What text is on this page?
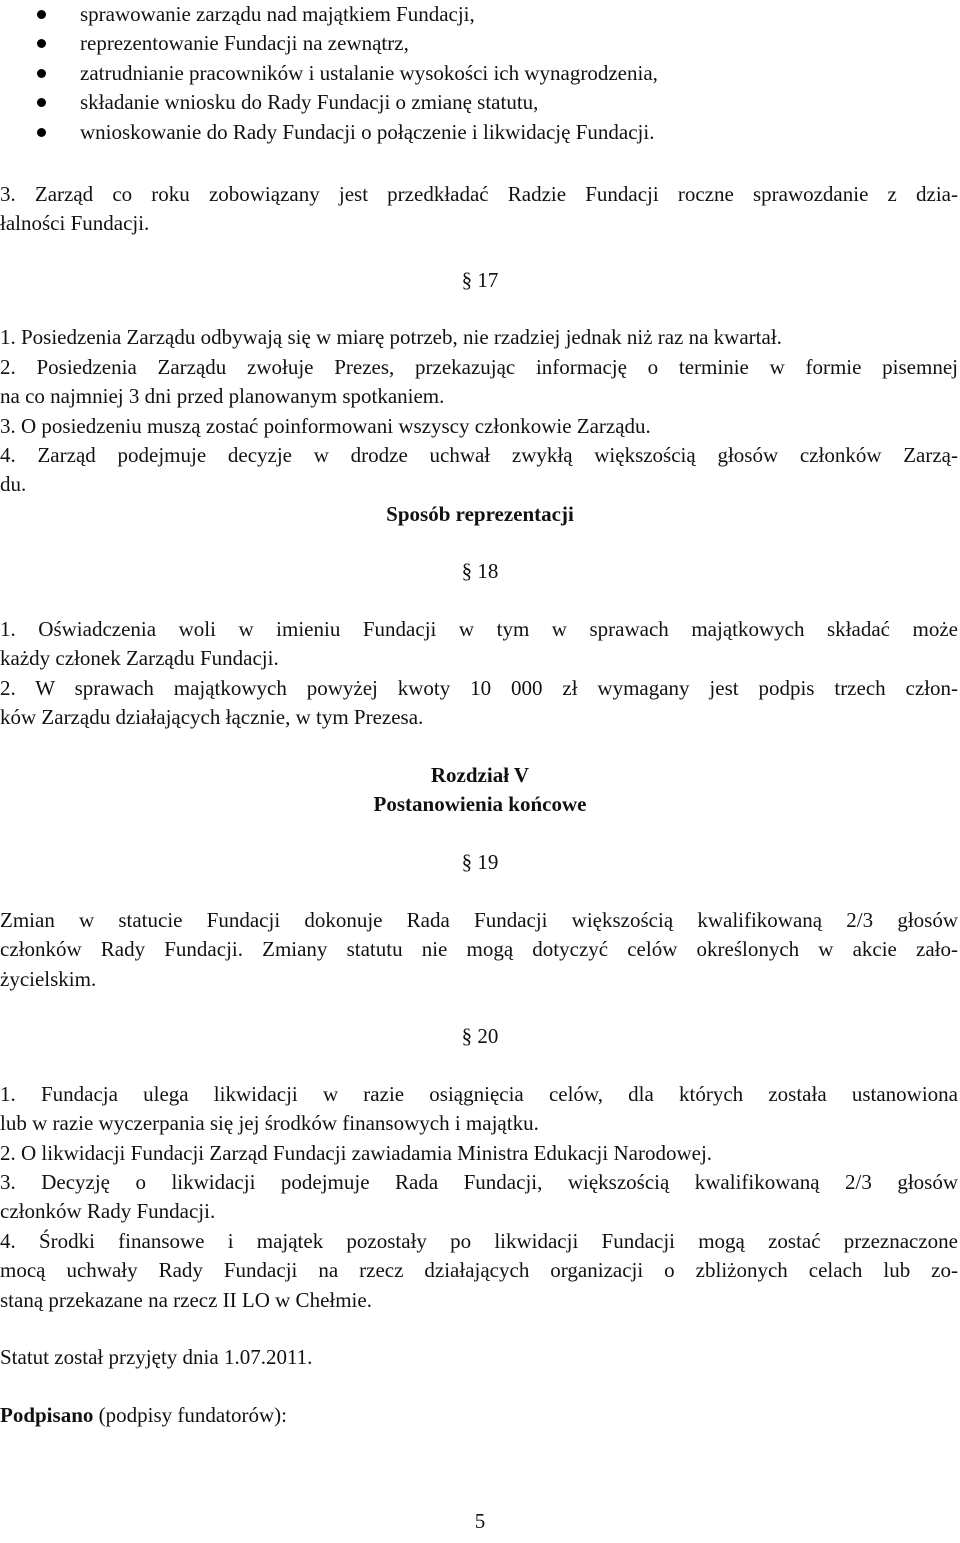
sprawowanie zarządu nad majątkiem Fundacji,
reprezentowanie Fundacji na zewnątrz,
zatrudnianie pracowników i ustalanie wysokości ich wynagrodzenia,
składanie wniosku do Rady Fundacji o zmianę statutu,
wnioskowanie do Rady Fundacji o połączenie i likwidację Fundacji.
3. Zarząd co roku zobowiązany jest przedkładać Radzie Fundacji roczne sprawozdanie z dzia-
łalności Fundacji.
§ 17
1. Posiedzenia Zarządu odbywają się w miarę potrzeb, nie rzadziej jednak niż raz na kwartał.
2. Posiedzenia Zarządu zwołuje Prezes, przekazując informację o terminie w formie pisemnej
na co najmniej 3 dni przed planowanym spotkaniem.
3. O posiedzeniu muszą zostać poinformowani wszyscy członkowie Zarządu.
4. Zarząd podejmuje decyzje w drodze uchwał zwykłą większością głosów członków Zarzą-
du.
Sposób reprezentacji
§ 18
1. Oświadczenia woli w imieniu Fundacji w tym w sprawach majątkowych składać może
każdy członek Zarządu Fundacji.
2. W sprawach majątkowych powyżej kwoty 10 000 zł wymagany jest podpis trzech człon-
ków Zarządu działających łącznie, w tym Prezesa.
Rozdział V
Postanowienia końcowe
§ 19
Zmian w statucie Fundacji dokonuje Rada Fundacji większością kwalifikowaną 2/3 głosów
członków Rady Fundacji. Zmiany statutu nie mogą dotyczyć celów określonych w akcie zało-
życielskim.
§ 20
1. Fundacja ulega likwidacji w razie osiągnięcia celów, dla których została ustanowiona
lub w razie wyczerpania się jej środków finansowych i majątku.
2. O likwidacji Fundacji Zarząd Fundacji zawiadamia Ministra Edukacji Narodowej.
3. Decyzję o likwidacji podejmuje Rada Fundacji, większością kwalifikowaną 2/3 głosów
członków Rady Fundacji.
4. Środki finansowe i majątek pozostały po likwidacji Fundacji mogą zostać przeznaczone
mocą uchwały Rady Fundacji na rzecz działających organizacji o zbliżonych celach lub zo-
staną przekazane na rzecz II LO w Chełmie.
Statut został przyjęty dnia 1.07.2011.
Podpisano (podpisy fundatorów):
5
